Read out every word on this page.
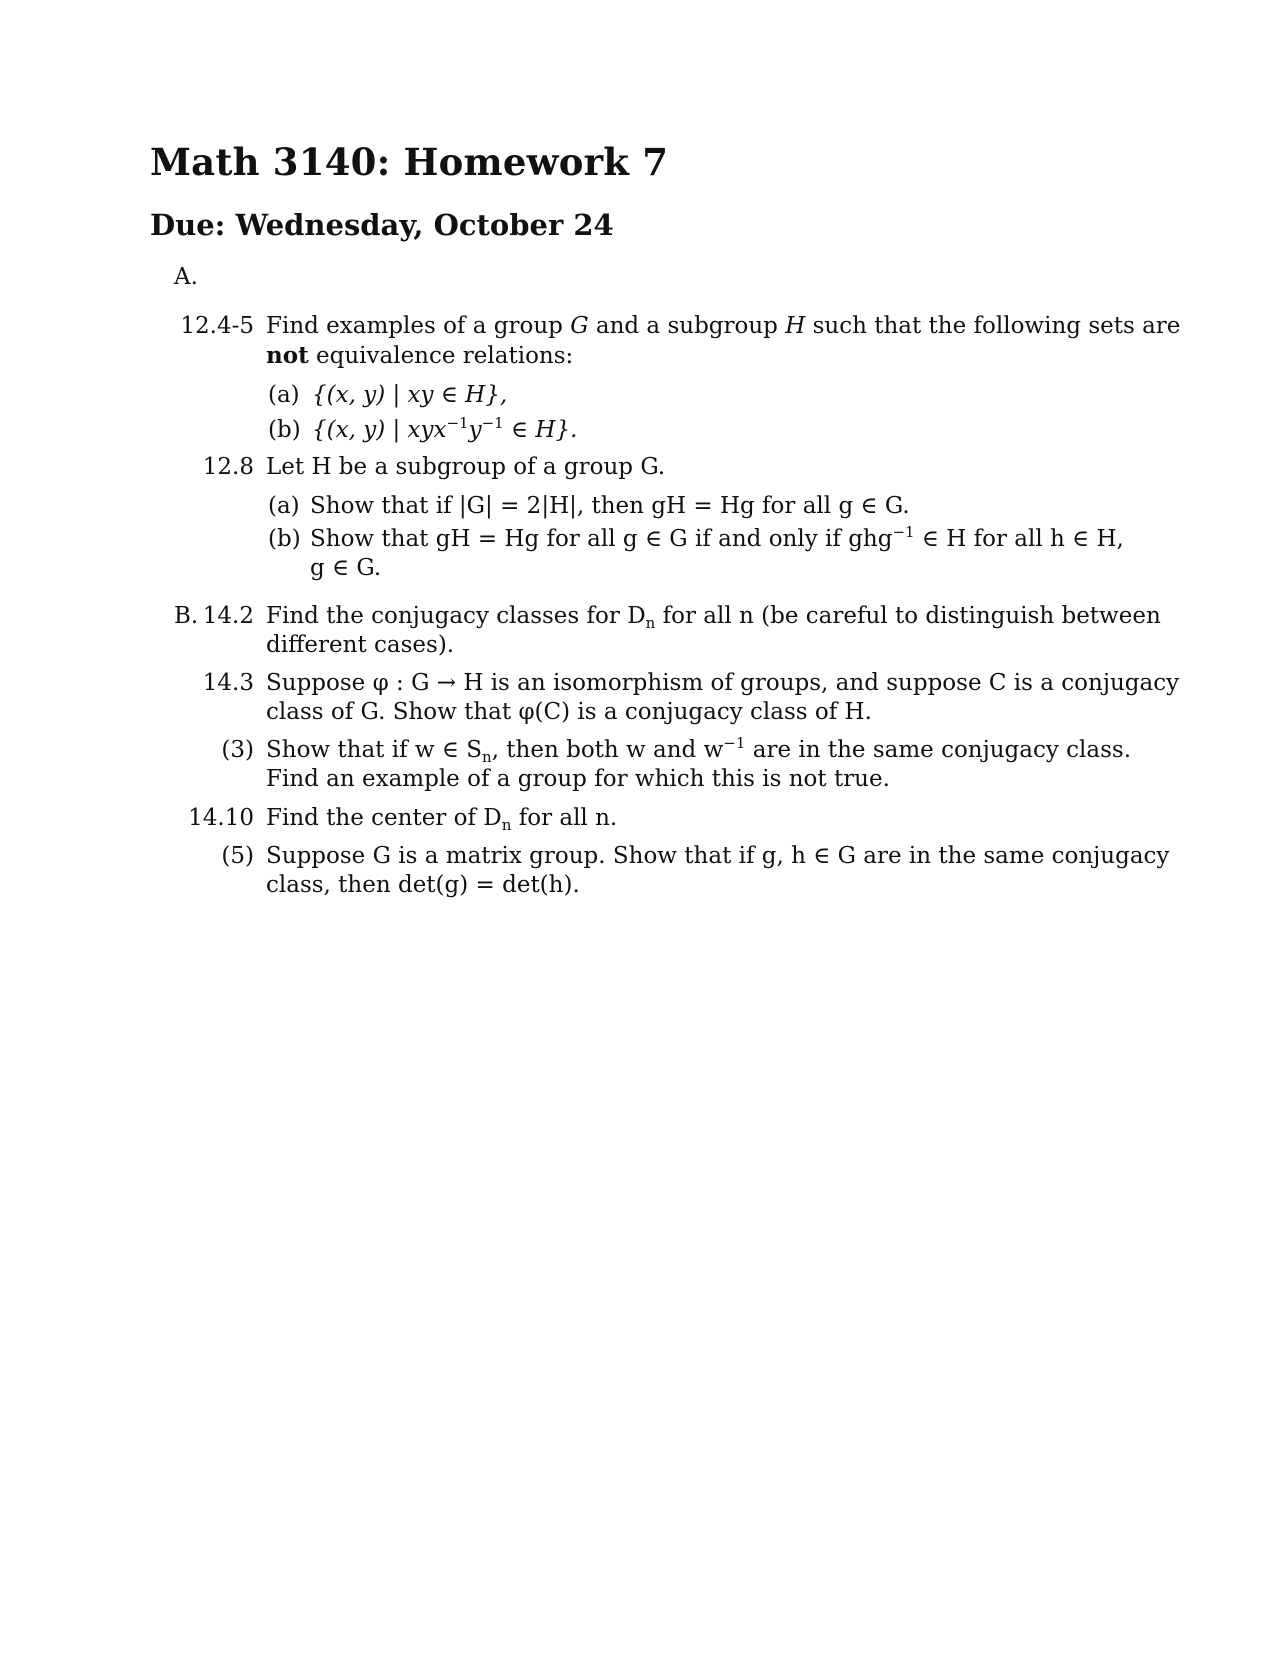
Math 3140: Homework 7
Due: Wednesday, October 24
A.
12.4-5 Find examples of a group G and a subgroup H such that the following sets are
not equivalence relations:
(a) {(x, y) | xy ∈ H},
(b) {(x, y) | $xyx^{-1}y^{-1}$ ∈ H}.
12.8 Let H be a subgroup of a group G.
(a) Show that if |G| = 2|H|, then gH = Hg for all g ∈ G.
(b) Show that gH = Hg for all g ∈ G if and only if ghg$^{-1}$ ∈ H for all h ∈ H,
g ∈ G.
B. 14.2 Find the conjugacy classes for $D_n$ for all n (be careful to distinguish between
different cases).
14.3 Suppose φ : G → H is an isomorphism of groups, and suppose C is a conjugacy
class of G. Show that φ(C) is a conjugacy class of H.
(3) Show that if w ∈ $S_n$, then both w and $w^{-1}$ are in the same conjugacy class.
Find an example of a group for which this is not true.
14.10 Find the center of $D_n$ for all n.
(5) Suppose G is a matrix group. Show that if g, h ∈ G are in the same conjugacy
class, then det(g) = det(h).
